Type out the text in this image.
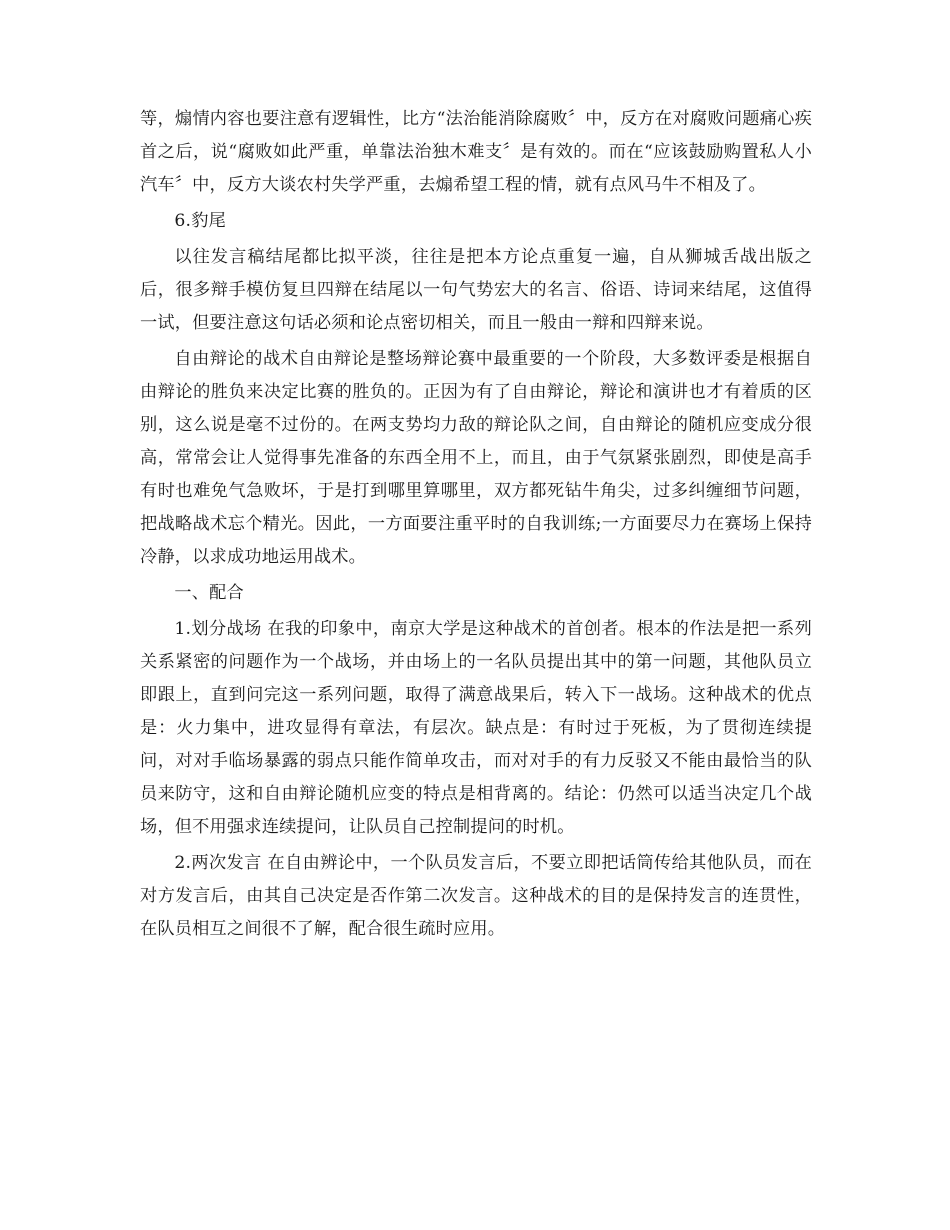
等，煽情内容也要注意有逻辑性，比方“法治能消除腐败〞中，反方在对腐败问题痛心疾首之后，说“腐败如此严重，单靠法治独木难支〞是有效的。而在“应该鼓励购置私人小汽车〞中，反方大谈农村失学严重，去煽希望工程的情，就有点风马牛不相及了。

6.豹尾

以往发言稿结尾都比拟平淡，往往是把本方论点重复一遍，自从狮城舌战出版之后，很多辩手模仿复旦四辩在结尾以一句气势宏大的名言、俗语、诗词来结尾，这值得一试，但要注意这句话必须和论点密切相关，而且一般由一辩和四辩来说。

自由辩论的战术自由辩论是整场辩论赛中最重要的一个阶段，大多数评委是根据自由辩论的胜负来决定比赛的胜负的。正因为有了自由辩论，辩论和演讲也才有着质的区别，这么说是毫不过份的。在两支势均力敌的辩论队之间，自由辩论的随机应变成分很高，常常会让人觉得事先准备的东西全用不上，而且，由于气氛紧张剧烈，即使是高手有时也难免气急败坏，于是打到哪里算哪里，双方都死钻牛角尖，过多纠缠细节问题，把战略战术忘个精光。因此，一方面要注重平时的自我训练;一方面要尽力在赛场上保持冷静，以求成功地运用战术。

一、配合

1.划分战场 在我的印象中，南京大学是这种战术的首创者。根本的作法是把一系列关系紧密的问题作为一个战场，并由场上的一名队员提出其中的第一问题，其他队员立即跟上，直到问完这一系列问题，取得了满意战果后，转入下一战场。这种战术的优点是：火力集中，进攻显得有章法，有层次。缺点是：有时过于死板，为了贯彻连续提问，对对手临场暴露的弱点只能作简单攻击，而对对手的有力反驳又不能由最恰当的队员来防守，这和自由辩论随机应变的特点是相背离的。结论：仍然可以适当决定几个战场，但不用强求连续提问，让队员自己控制提问的时机。

2.两次发言 在自由辨论中，一个队员发言后，不要立即把话筒传给其他队员，而在对方发言后，由其自己决定是否作第二次发言。这种战术的目的是保持发言的连贯性，在队员相互之间很不了解，配合很生疏时应用。
